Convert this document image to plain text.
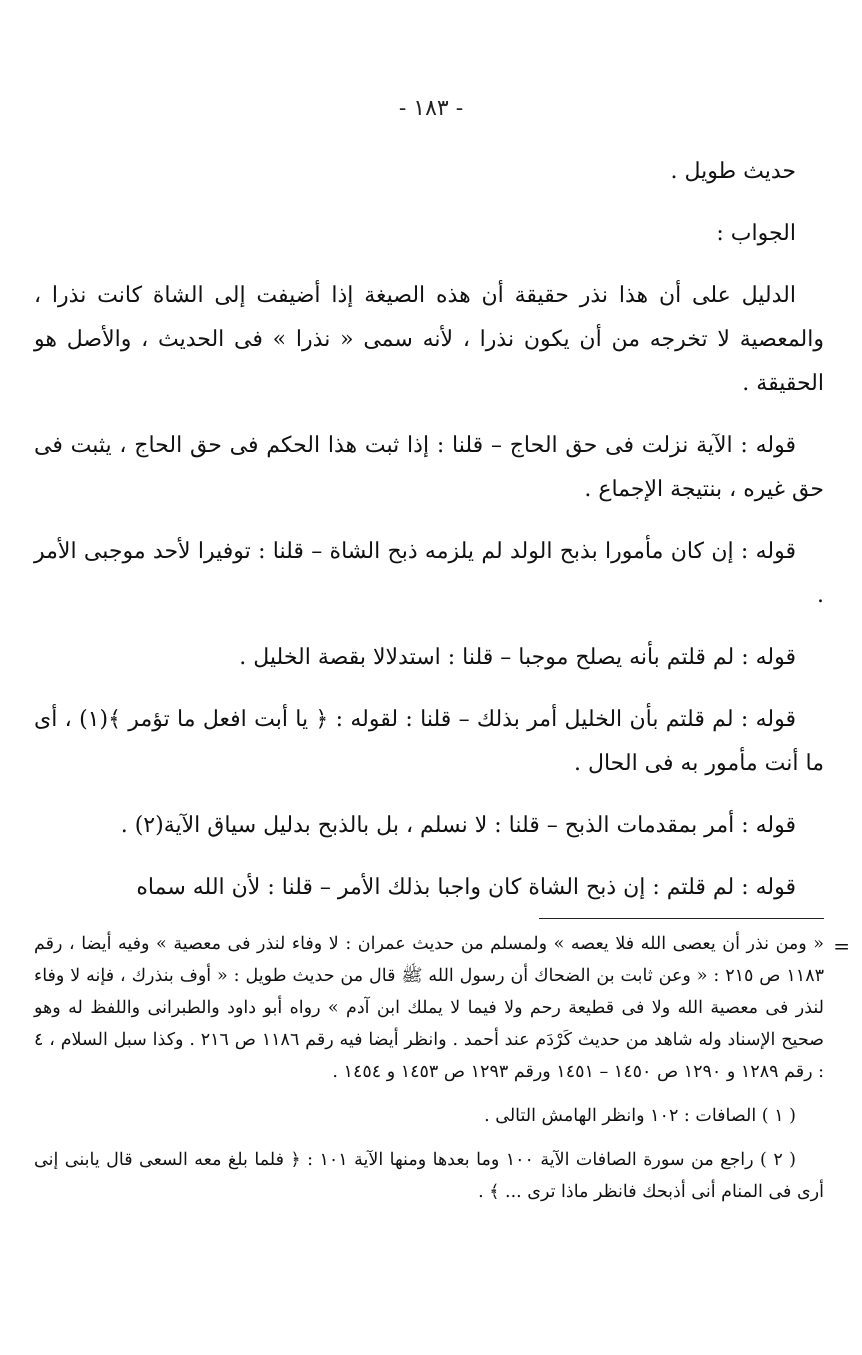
- ١٨٣ -

حديث طويل .

الجواب :

الدليل على أن هذا نذر حقيقة أن هذه الصيغة إذا أضيفت إلى الشاة كانت نذرا ، والمعصية لا تخرجه من أن يكون نذرا ، لأنه سمى « نذرا » فى الحديث ، والأصل هو الحقيقة .

قوله : الآية نزلت فى حق الحاج – قلنا : إذا ثبت هذا الحكم فى حق الحاج ، يثبت فى حق غيره ، بنتيجة الإجماع .

قوله : إن كان مأمورا بذبح الولد لم يلزمه ذبح الشاة – قلنا : توفيرا لأحد موجبى الأمر .

قوله : لم قلتم بأنه يصلح موجبا – قلنا : استدلالا بقصة الخليل .

قوله : لم قلتم بأن الخليل أمر بذلك – قلنا : لقوله : ﴿ يا أبت افعل ما تؤمر ﴾(١) ، أى ما أنت مأمور به فى الحال .

قوله : أمر بمقدمات الذبح – قلنا : لا نسلم ، بل بالذبح بدليل سياق الآية(٢) .

قوله : لم قلتم : إن ذبح الشاة كان واجبا بذلك الأمر – قلنا : لأن الله سماه

=

« ومن نذر أن يعصى الله فلا يعصه » ولمسلم من حديث عمران : لا وفاء لنذر فى معصية » وفيه أيضا ، رقم ١١٨٣ ص ٢١٥ : « وعن ثابت بن الضحاك أن رسول الله ﷺ قال من حديث طويل : « أوف بنذرك ، فإنه لا وفاء لنذر فى معصية الله ولا فى قطيعة رحم ولا فيما لا يملك ابن آدم » رواه أبو داود والطبرانى واللفظ له وهو صحيح الإسناد وله شاهد من حديث كَرْدَم عند أحمد . وانظر أيضا فيه رقم ١١٨٦ ص ٢١٦ . وكذا سبل السلام ، ٤ : رقم ١٢٨٩ و ١٢٩٠ ص ١٤٥٠ – ١٤٥١ ورقم ١٢٩٣ ص ١٤٥٣ و ١٤٥٤ .

( ١ ) الصافات : ١٠٢ وانظر الهامش التالى .

( ٢ ) راجع من سورة الصافات الآية ١٠٠ وما بعدها ومنها الآية ١٠١ : ﴿ فلما بلغ معه السعى قال يابنى إنى أرى فى المنام أنى أذبحك فانظر ماذا ترى ... ﴾ .
